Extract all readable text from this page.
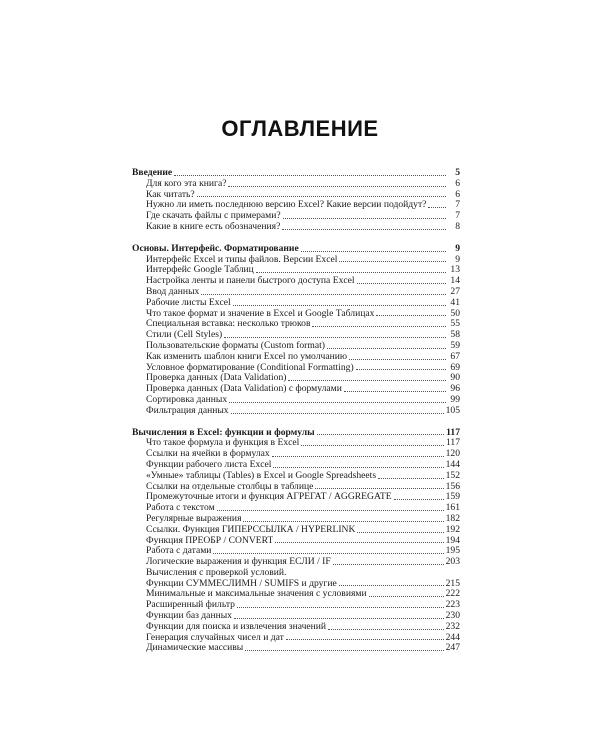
ОГЛАВЛЕНИЕ
Введение	5
Для кого эта книга?	6
Как читать?	6
Нужно ли иметь последнюю версию Excel? Какие версии подойдут?	7
Где скачать файлы с примерами?	7
Какие в книге есть обозначения?	8
Основы. Интерфейс. Форматирование	9
Интерфейс Excel и типы файлов. Версии Excel	9
Интерфейс Google Таблиц	13
Настройка ленты и панели быстрого доступа Excel	14
Ввод данных	27
Рабочие листы Excel	41
Что такое формат и значение в Excel и Google Таблицах	50
Специальная вставка: несколько трюков	55
Стили (Cell Styles)	58
Пользовательские форматы (Custom format)	59
Как изменить шаблон книги Excel по умолчанию	67
Условное форматирование (Conditional Formatting)	69
Проверка данных (Data Validation)	90
Проверка данных (Data Validation) с формулами	96
Сортировка данных	99
Фильтрация данных	105
Вычисления в Excel: функции и формулы	117
Что такое формула и функция в Excel	117
Ссылки на ячейки в формулах	120
Функции рабочего листа Excel	144
«Умные» таблицы (Tables) в Excel и Google Spreadsheets	152
Ссылки на отдельные столбцы в таблице	156
Промежуточные итоги и функция АГРЕГАТ / AGGREGATE	159
Работа с текстом	161
Регулярные выражения	182
Ссылки. Функция ГИПЕРССЫЛКА / HYPERLINK	192
Функция ПРЕОБР / CONVERT	194
Работа с датами	195
Логические выражения и функция ЕСЛИ / IF	203
Вычисления с проверкой условий.
Функции СУММЕСЛИМН / SUMIFS и другие	215
Минимальные и максимальные значения с условиями	222
Расширенный фильтр	223
Функции баз данных	230
Функции для поиска и извлечения значений	232
Генерация случайных чисел и дат	244
Динамические массивы	247
